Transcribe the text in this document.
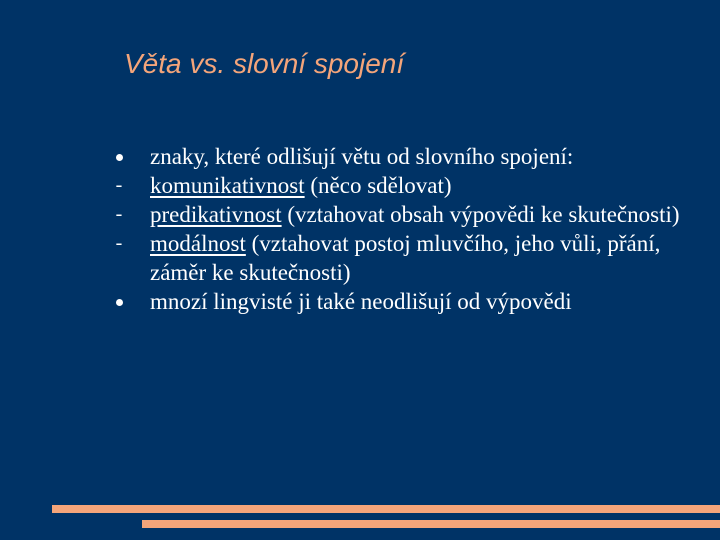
Věta vs. slovní spojení
znaky, které odlišují větu od slovního spojení:
- komunikativnost (něco sdělovat)
- predikativnost (vztahovat obsah výpovědi ke skutečnosti)
- modálnost (vztahovat postoj mluvčího, jeho vůli, přání, záměr ke skutečnosti)
mnozí lingvisté ji také neodlišují od výpovědi
